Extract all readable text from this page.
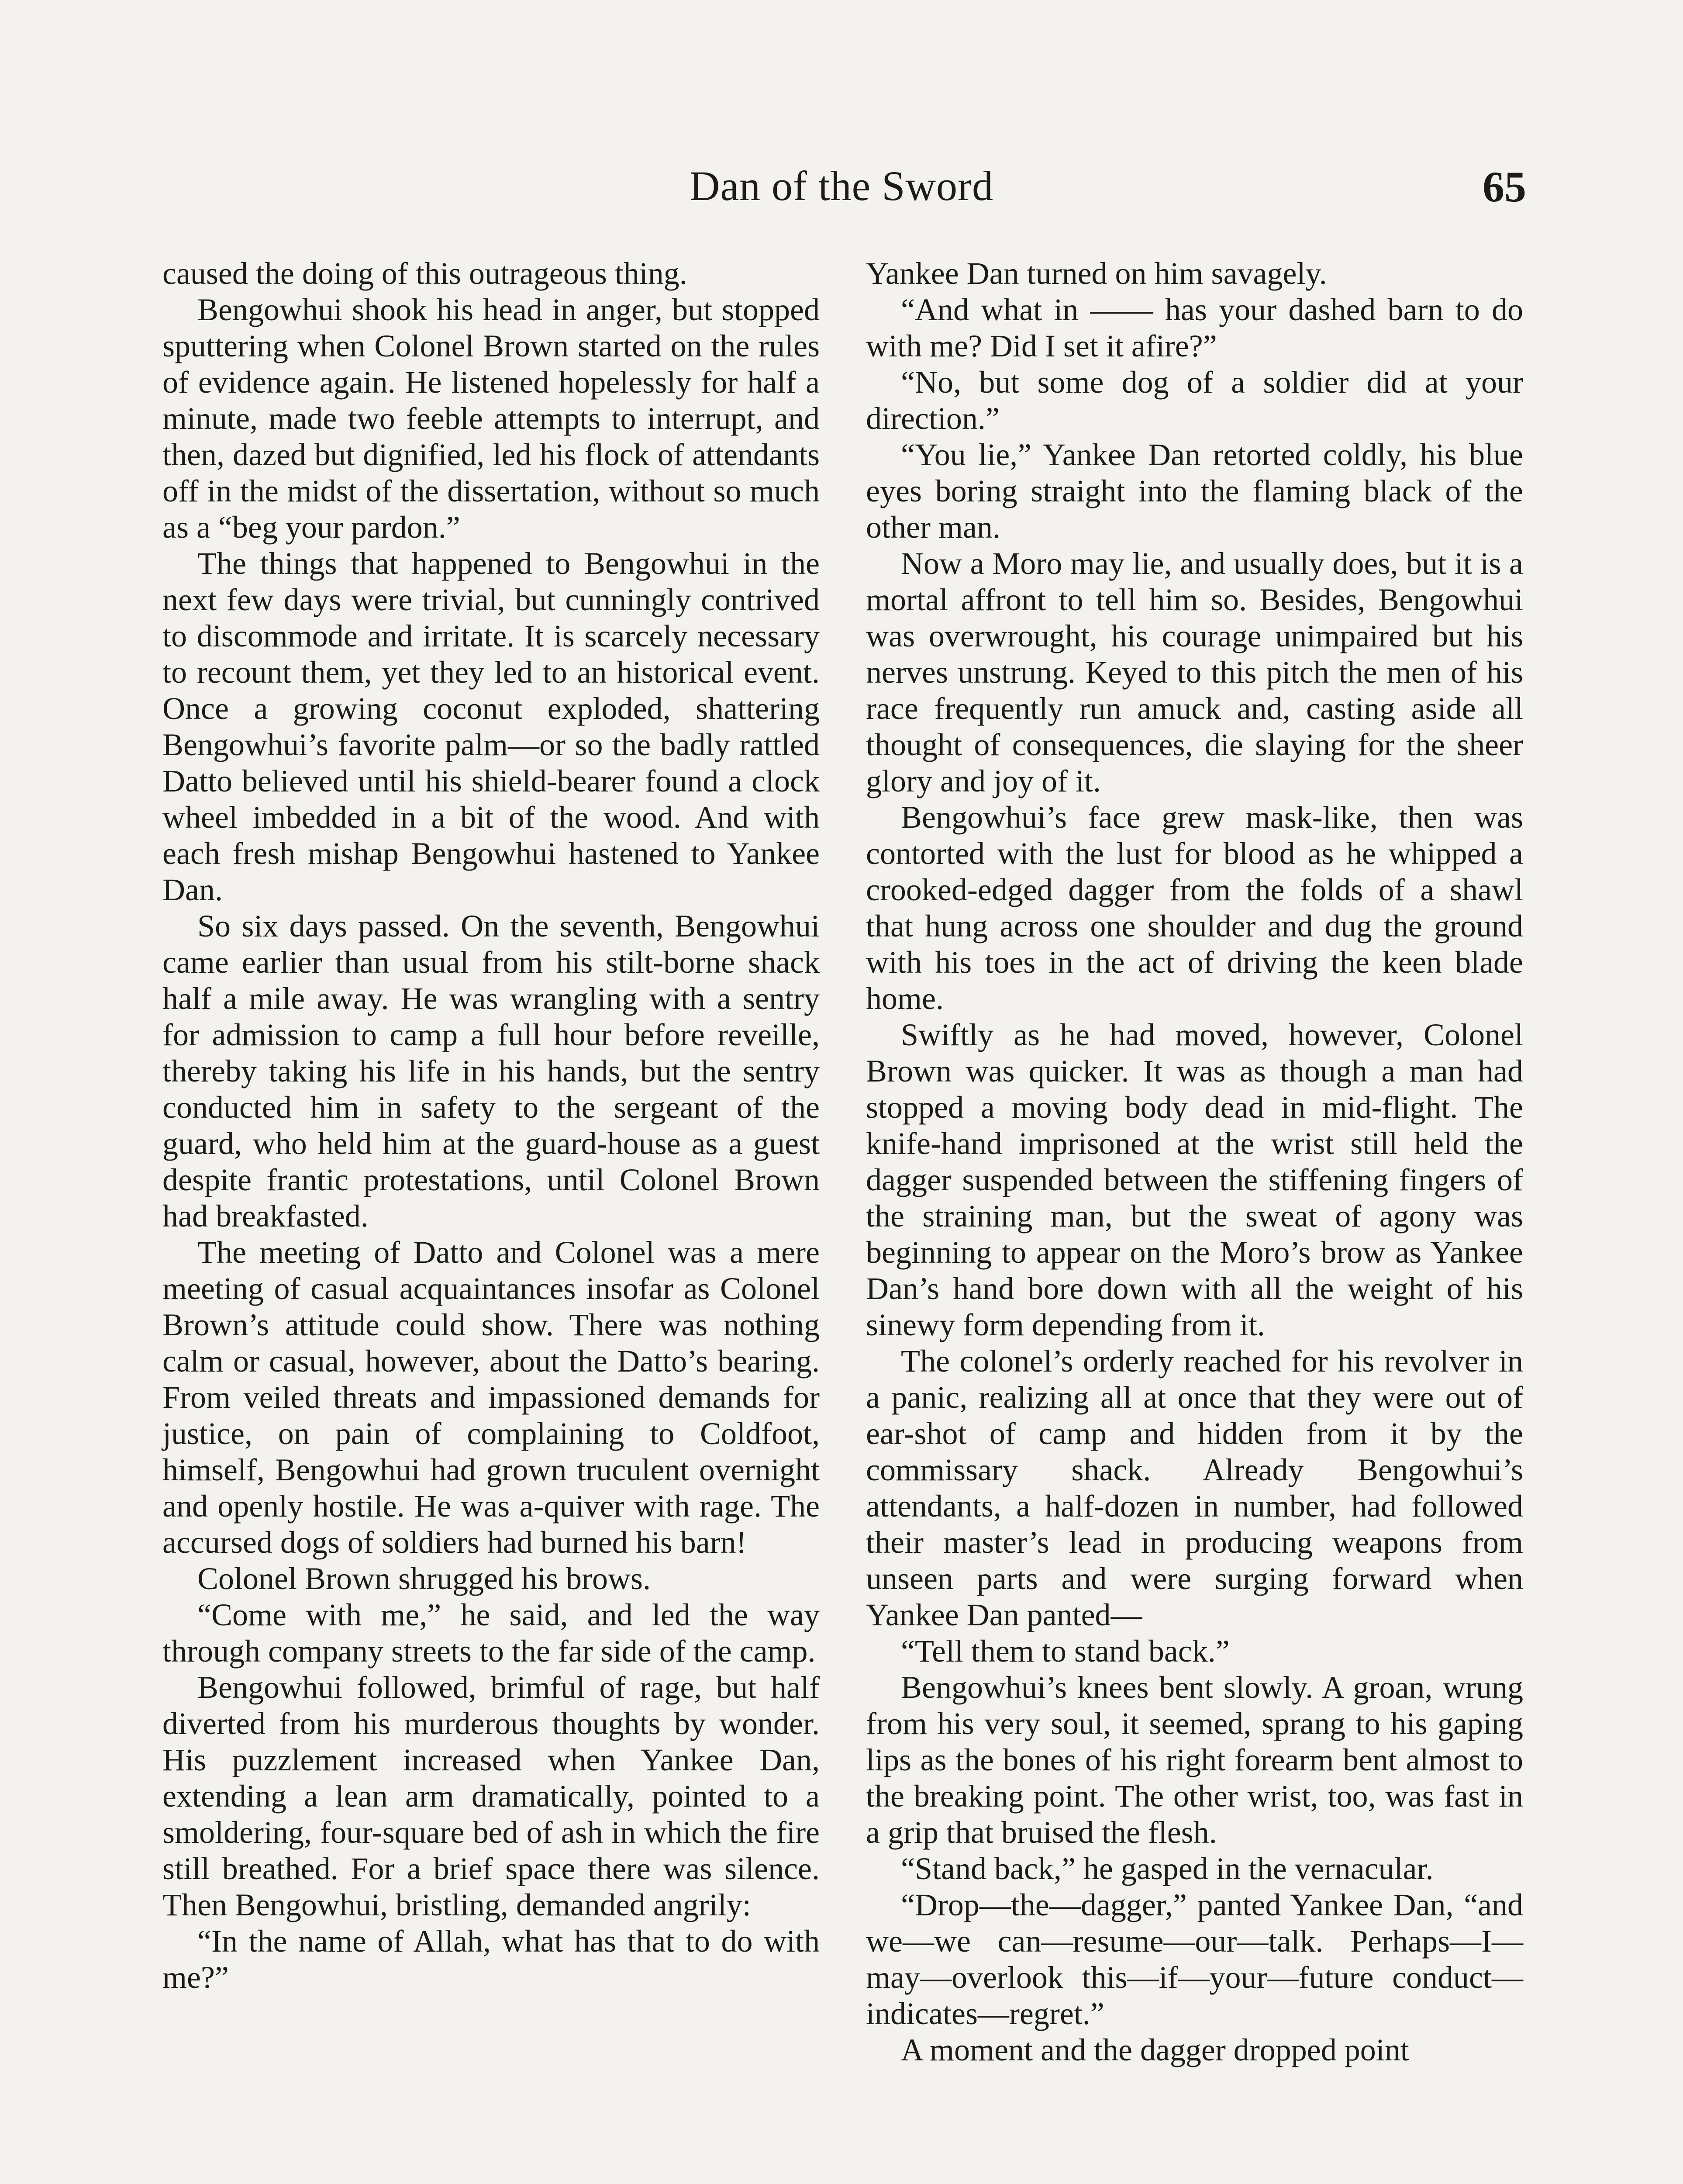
Dan of the Sword	65

caused the doing of this outrageous thing.

Bengowhui shook his head in anger, but stopped sputtering when Colonel Brown started on the rules of evidence again. He listened hopelessly for half a minute, made two feeble attempts to interrupt, and then, dazed but dignified, led his flock of attendants off in the midst of the dissertation, without so much as a “beg your pardon.”

The things that happened to Bengowhui in the next few days were trivial, but cunningly contrived to discommode and irritate. It is scarcely necessary to recount them, yet they led to an historical event. Once a growing coconut exploded, shattering Bengowhui’s favorite palm—or so the badly rattled Datto believed until his shield-bearer found a clock wheel imbedded in a bit of the wood. And with each fresh mishap Bengowhui hastened to Yankee Dan.

So six days passed. On the seventh, Bengowhui came earlier than usual from his stilt-borne shack half a mile away. He was wrangling with a sentry for admission to camp a full hour before reveille, thereby taking his life in his hands, but the sentry conducted him in safety to the sergeant of the guard, who held him at the guard-house as a guest despite frantic protestations, until Colonel Brown had breakfasted.

The meeting of Datto and Colonel was a mere meeting of casual acquaintances insofar as Colonel Brown’s attitude could show. There was nothing calm or casual, however, about the Datto’s bearing. From veiled threats and impassioned demands for justice, on pain of complaining to Coldfoot, himself, Bengowhui had grown truculent overnight and openly hostile. He was a-quiver with rage. The accursed dogs of soldiers had burned his barn!

Colonel Brown shrugged his brows.

“Come with me,” he said, and led the way through company streets to the far side of the camp.

Bengowhui followed, brimful of rage, but half diverted from his murderous thoughts by wonder. His puzzlement increased when Yankee Dan, extending a lean arm dramatically, pointed to a smoldering, four-square bed of ash in which the fire still breathed. For a brief space there was silence. Then Bengowhui, bristling, demanded angrily:

“In the name of Allah, what has that to do with me?”

Yankee Dan turned on him savagely.

“And what in —— has your dashed barn to do with me? Did I set it afire?”

“No, but some dog of a soldier did at your direction.”

“You lie,” Yankee Dan retorted coldly, his blue eyes boring straight into the flaming black of the other man.

Now a Moro may lie, and usually does, but it is a mortal affront to tell him so. Besides, Bengowhui was overwrought, his courage unimpaired but his nerves unstrung. Keyed to this pitch the men of his race frequently run amuck and, casting aside all thought of consequences, die slaying for the sheer glory and joy of it.

Bengowhui’s face grew mask-like, then was contorted with the lust for blood as he whipped a crooked-edged dagger from the folds of a shawl that hung across one shoulder and dug the ground with his toes in the act of driving the keen blade home.

Swiftly as he had moved, however, Colonel Brown was quicker. It was as though a man had stopped a moving body dead in mid-flight. The knife-hand imprisoned at the wrist still held the dagger suspended between the stiffening fingers of the straining man, but the sweat of agony was beginning to appear on the Moro’s brow as Yankee Dan’s hand bore down with all the weight of his sinewy form depending from it.

The colonel’s orderly reached for his revolver in a panic, realizing all at once that they were out of ear-shot of camp and hidden from it by the commissary shack. Already Bengowhui’s attendants, a half-dozen in number, had followed their master’s lead in producing weapons from unseen parts and were surging forward when Yankee Dan panted—

“Tell them to stand back.”

Bengowhui’s knees bent slowly. A groan, wrung from his very soul, it seemed, sprang to his gaping lips as the bones of his right forearm bent almost to the breaking point. The other wrist, too, was fast in a grip that bruised the flesh.

“Stand back,” he gasped in the vernacular.

“Drop—the—dagger,” panted Yankee Dan, “and we—we can—resume—our—talk. Perhaps—I—may—overlook this—if—your—future conduct—indicates—regret.”

A moment and the dagger dropped point
